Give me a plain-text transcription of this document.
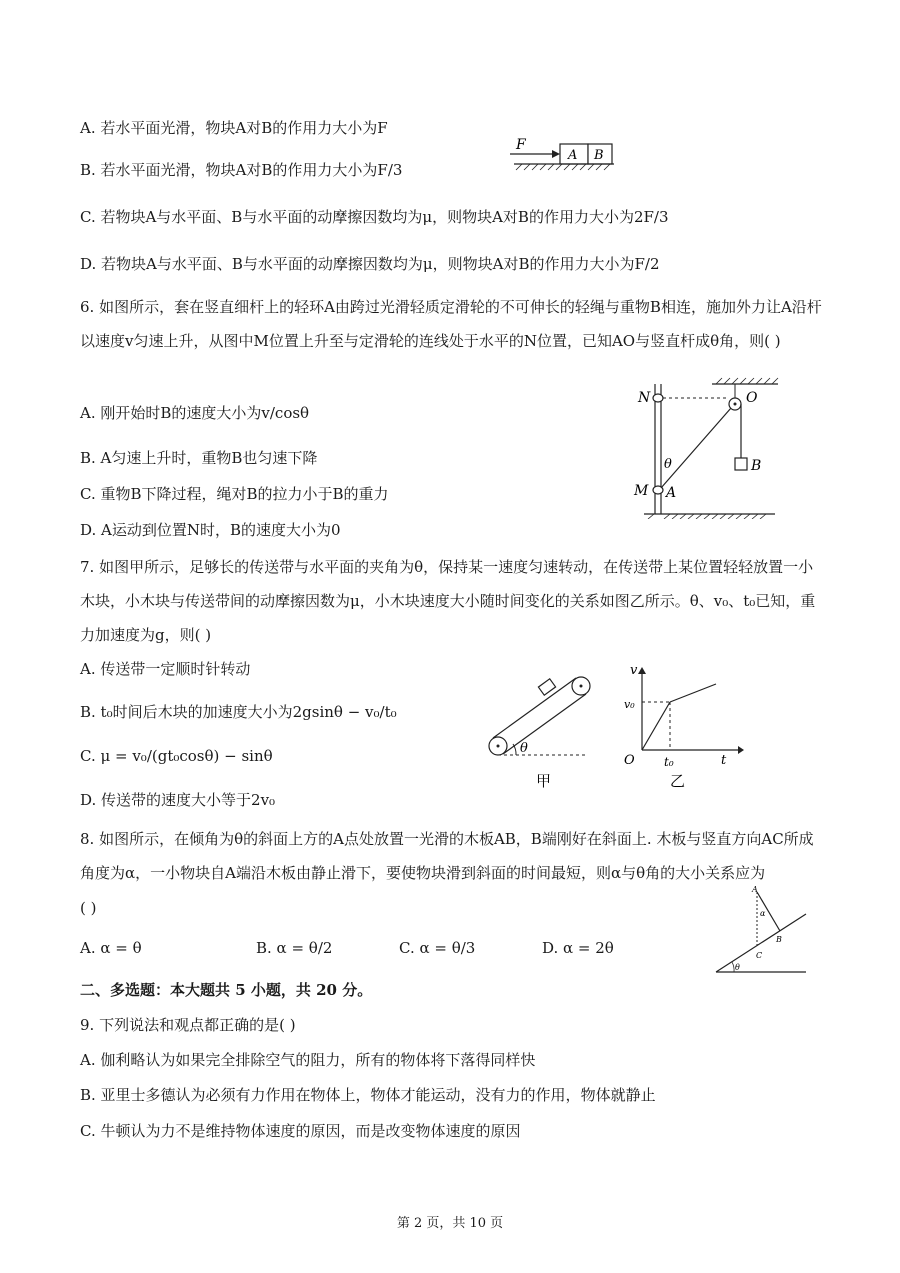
A. 若水平面光滑，物块A对B的作用力大小为F
B. 若水平面光滑，物块A对B的作用力大小为F/3
C. 若物块A与水平面、B与水平面的动摩擦因数均为μ，则物块A对B的作用力大小为2F/3
D. 若物块A与水平面、B与水平面的动摩擦因数均为μ，则物块A对B的作用力大小为F/2
F
A B
6. 如图所示，套在竖直细杆上的轻环A由跨过光滑轻质定滑轮的不可伸长的轻绳与重物B相连，施加外力让A沿杆以速度v匀速上升，从图中M位置上升至与定滑轮的连线处于水平的N位置，已知AO与竖直杆成θ角，则( )
A. 刚开始时B的速度大小为v/cosθ
B. A匀速上升时，重物B也匀速下降
C. 重物B下降过程，绳对B的拉力小于B的重力
D. A运动到位置N时，B的速度大小为0
N	O
M A
B
θ
7. 如图甲所示，足够长的传送带与水平面的夹角为θ，保持某一速度匀速转动，在传送带上某位置轻轻放置一小木块，小木块与传送带间的动摩擦因数为μ，小木块速度大小随时间变化的关系如图乙所示。θ、v₀、t₀已知，重力加速度为g，则( )
A. 传送带一定顺时针转动
B. t₀时间后木块的加速度大小为2gsinθ − v₀/t₀
C. μ = v₀/(gt₀cosθ) − sinθ
D. 传送带的速度大小等于2v₀
θ
甲
v
v₀
O t₀	t
乙
8. 如图所示，在倾角为θ的斜面上方的A点处放置一光滑的木板AB，B端刚好在斜面上. 木板与竖直方向AC所成角度为α，一小物块自A端沿木板由静止滑下，要使物块滑到斜面的时间最短，则α与θ角的大小关系应为
( )
A. α = θ	B. α = θ/2	C. α = θ/3	D. α = 2θ
A
α
B
C
θ
二、多选题：本大题共 5 小题，共 20 分。
9. 下列说法和观点都正确的是( )
A. 伽利略认为如果完全排除空气的阻力，所有的物体将下落得同样快
B. 亚里士多德认为必须有力作用在物体上，物体才能运动，没有力的作用，物体就静止
C. 牛顿认为力不是维持物体速度的原因，而是改变物体速度的原因
第 2 页，共 10 页
